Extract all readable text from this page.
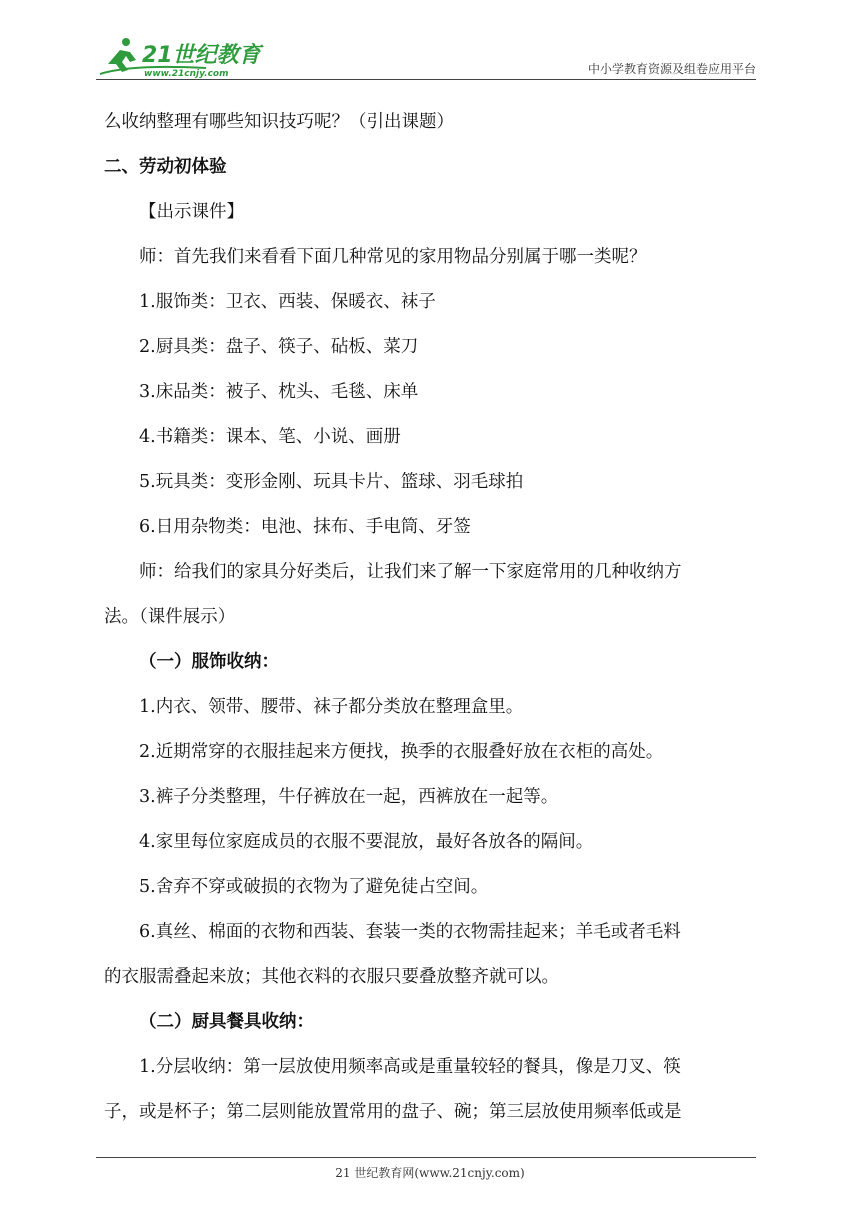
21世纪教育
www.21cnjy.com	中小学教育资源及组卷应用平台
么收纳整理有哪些知识技巧呢？（引出课题）
二、劳动初体验
【出示课件】
师：首先我们来看看下面几种常见的家用物品分别属于哪一类呢？
1.服饰类：卫衣、西装、保暖衣、袜子
2.厨具类：盘子、筷子、砧板、菜刀
3.床品类：被子、枕头、毛毯、床单
4.书籍类：课本、笔、小说、画册
5.玩具类：变形金刚、玩具卡片、篮球、羽毛球拍
6.日用杂物类：电池、抹布、手电筒、牙签
师：给我们的家具分好类后，让我们来了解一下家庭常用的几种收纳方
法。（课件展示）
（一）服饰收纳：
1.内衣、领带、腰带、袜子都分类放在整理盒里。
2.近期常穿的衣服挂起来方便找，换季的衣服叠好放在衣柜的高处。
3.裤子分类整理，牛仔裤放在一起，西裤放在一起等。
4.家里每位家庭成员的衣服不要混放，最好各放各的隔间。
5.舍弃不穿或破损的衣物为了避免徒占空间。
6.真丝、棉面的衣物和西装、套装一类的衣物需挂起来；羊毛或者毛料
的衣服需叠起来放；其他衣料的衣服只要叠放整齐就可以。
（二）厨具餐具收纳：
1.分层收纳：第一层放使用频率高或是重量较轻的餐具，像是刀叉、筷
子，或是杯子；第二层则能放置常用的盘子、碗；第三层放使用频率低或是
21 世纪教育网(www.21cnjy.com)
